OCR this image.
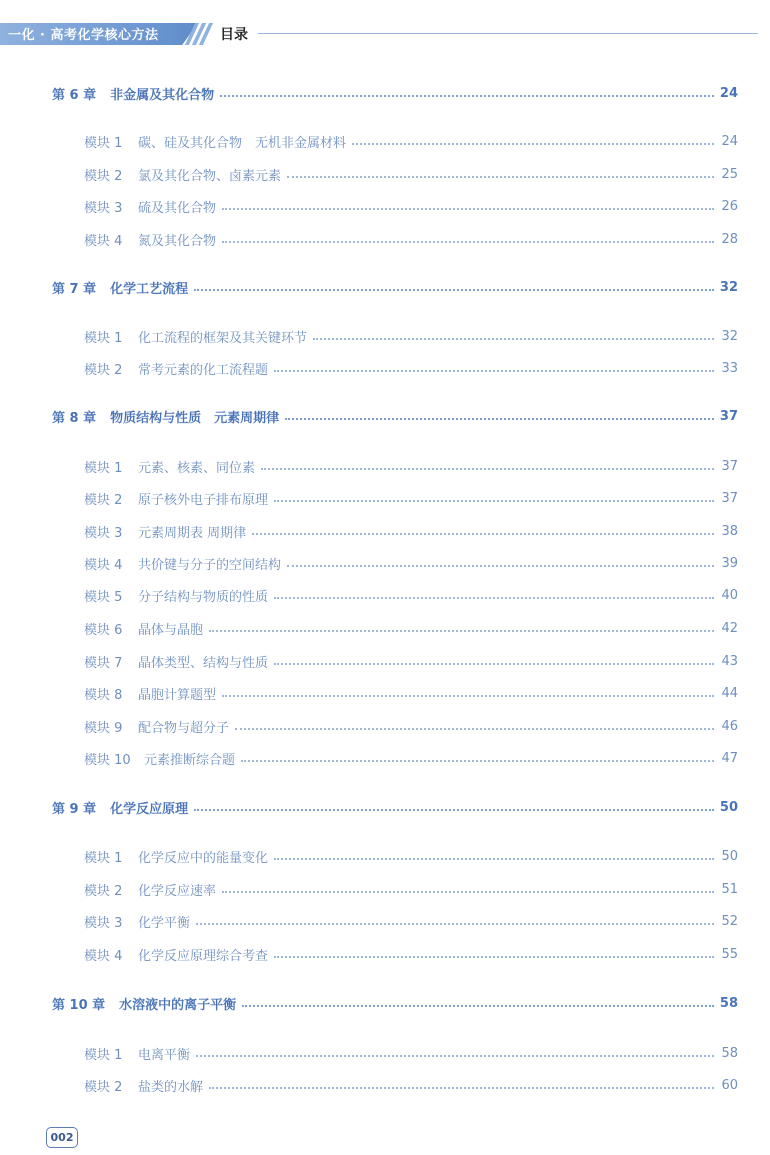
一化 · 高考化学核心方法	目录
第 6 章 非金属及其化合物	24
模块 1	碳、硅及其化合物　无机非金属材料	24
模块 2	氯及其化合物、卤素元素	25
模块 3	硫及其化合物	26
模块 4	氮及其化合物	28
第 7 章 化学工艺流程	32
模块 1	化工流程的框架及其关键环节	32
模块 2	常考元素的化工流程题	33
第 8 章 物质结构与性质　元素周期律	37
模块 1	元素、核素、同位素	37
模块 2	原子核外电子排布原理	37
模块 3	元素周期表 周期律	38
模块 4	共价键与分子的空间结构	39
模块 5	分子结构与物质的性质	40
模块 6	晶体与晶胞	42
模块 7	晶体类型、结构与性质	43
模块 8	晶胞计算题型	44
模块 9	配合物与超分子	46
模块 10	元素推断综合题	47
第 9 章 化学反应原理	50
模块 1	化学反应中的能量变化	50
模块 2	化学反应速率	51
模块 3	化学平衡	52
模块 4	化学反应原理综合考查	55
第 10 章 水溶液中的离子平衡	58
模块 1	电离平衡	58
模块 2	盐类的水解	60
002
